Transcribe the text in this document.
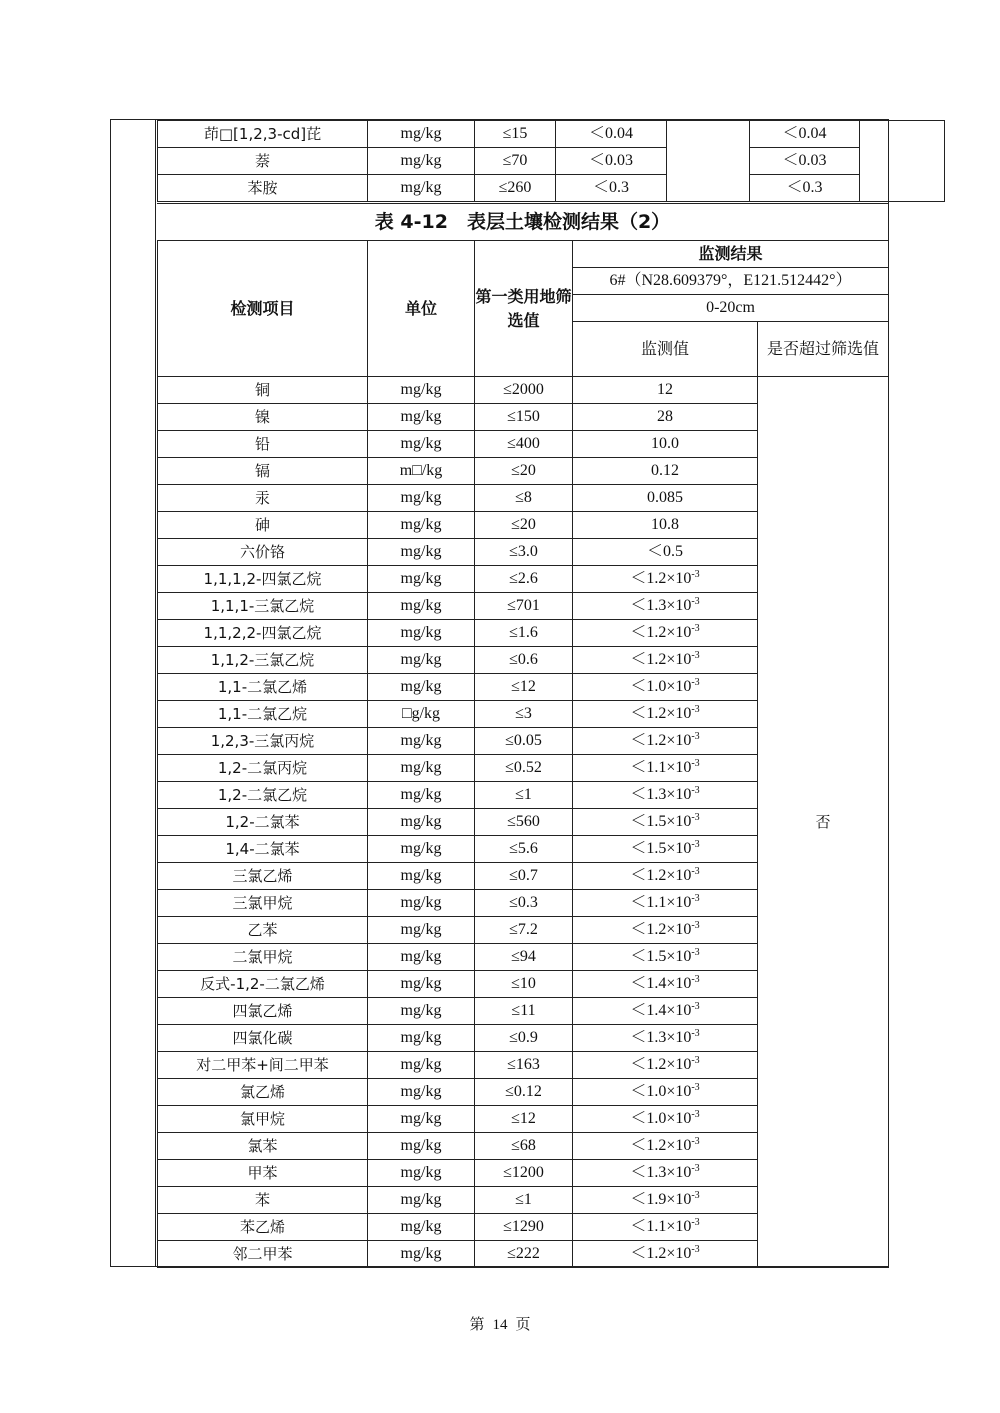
茚□[1,2,3-cd]芘	mg/kg	≤15	＜0.04		＜0.04	
萘	mg/kg	≤70	＜0.03		＜0.03	
苯胺	mg/kg	≤260	＜0.3		＜0.3	
表 4-12　表层土壤检测结果（2）
检测项目	单位	第一类用地筛选值	监测结果	
			6#（N28.609379°，E121.512442°）	
			0-20cm	
			监测值	是否超过筛选值
铜	mg/kg	≤2000	12	否
镍	mg/kg	≤150	28	
铅	mg/kg	≤400	10.0	
镉	m□/kg	≤20	0.12	
汞	mg/kg	≤8	0.085	
砷	mg/kg	≤20	10.8	
六价铬	mg/kg	≤3.0	＜0.5	
1,1,1,2-四氯乙烷	mg/kg	≤2.6	$<1.2\times 10^{-3}$
1,1,1-三氯乙烷	mg/kg	≤701	$<1.3\times 10^{-3}$
1,1,2,2-四氯乙烷	mg/kg	≤1.6	$<1.2\times 10^{-3}$
1,1,2-三氯乙烷	mg/kg	≤0.6	$<1.2\times 10^{-3}$
1,1-二氯乙烯	mg/kg	≤12	$<1.0\times 10^{-3}$
1,1-二氯乙烷	□g/kg	≤3	$<1.2\times 10^{-3}$
1,2,3-三氯丙烷	mg/kg	≤0.05	$<1.2\times 10^{-3}$
1,2-二氯丙烷	mg/kg	≤0.52	$<1.1\times 10^{-3}$
1,2-二氯乙烷	mg/kg	≤1	$<1.3\times 10^{-3}$
1,2-二氯苯	mg/kg	≤560	$<1.5\times 10^{-3}$
1,4-二氯苯	mg/kg	≤5.6	$<1.5\times 10^{-3}$
三氯乙烯	mg/kg	≤0.7	$<1.2\times 10^{-3}$
三氯甲烷	mg/kg	≤0.3	$<1.1\times 10^{-3}$
乙苯	mg/kg	≤7.2	$<1.2\times 10^{-3}$
二氯甲烷	mg/kg	≤94	$<1.5\times 10^{-3}$
反式-1,2-二氯乙烯	mg/kg	≤10	$<1.4\times 10^{-3}$
四氯乙烯	mg/kg	≤11	$<1.4\times 10^{-3}$
四氯化碳	mg/kg	≤0.9	$<1.3\times 10^{-3}$
对二甲苯+间二甲苯	mg/kg	≤163	$<1.2\times 10^{-3}$
氯乙烯	mg/kg	≤0.12	$<1.0\times 10^{-3}$
氯甲烷	mg/kg	≤12	$<1.0\times 10^{-3}$
氯苯	mg/kg	≤68	$<1.2\times 10^{-3}$
甲苯	mg/kg	≤1200	$<1.3\times 10^{-3}$
苯	mg/kg	≤1	$<1.9\times 10^{-3}$
苯乙烯	mg/kg	≤1290	$<1.1\times 10^{-3}$
邻二甲苯	mg/kg	≤222	$<1.2\times 10^{-3}$
第 14 页
